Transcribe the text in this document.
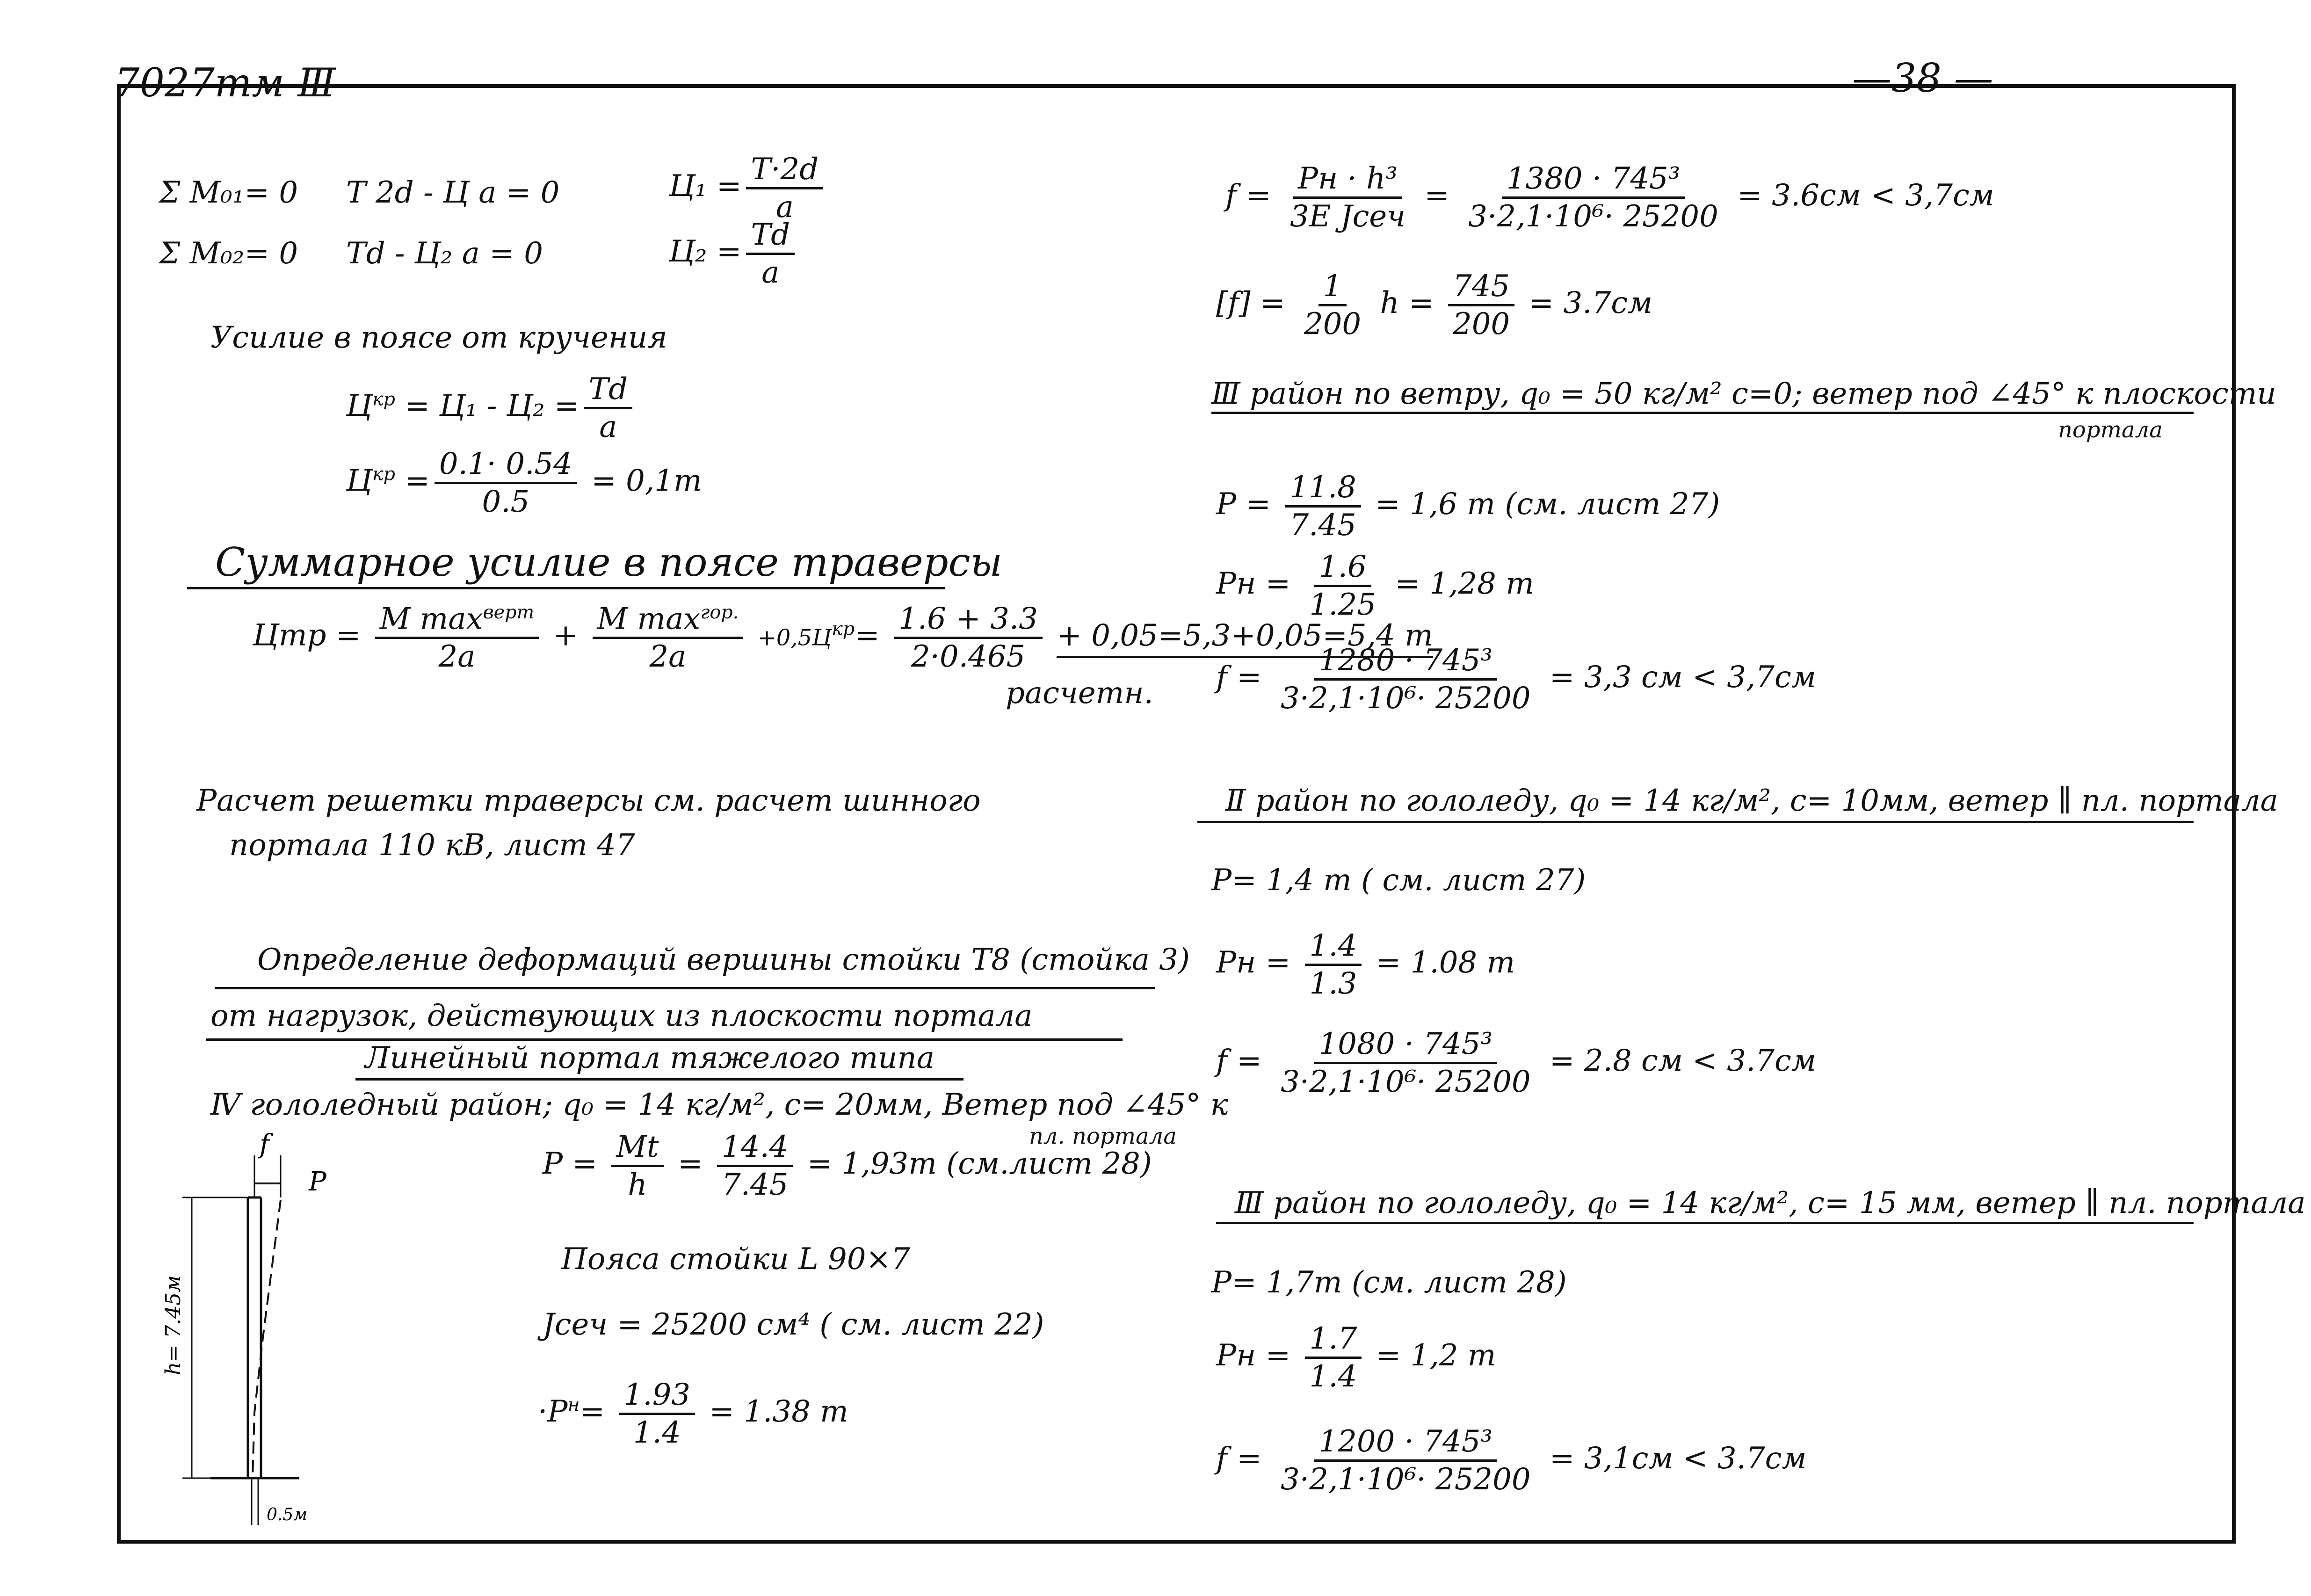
7027тм-Ⅲ	—38 —
Σ M₀₁= 0 T 2d - Ц a = 0	$Ц_1 = \frac{T\cdot 2d}{a}$
Σ M₀₂= 0 Td - Ц₂ a = 0	$Ц_2 = \frac{Td}{a}$
Усилие в поясе от кручения
$Ц^{кр} = Ц_1 - Ц_2 = \frac{Td}{a}$
$Ц^{кр} = \frac{0.1\cdot 0.54}{0.5} = 0,1т$
Суммарное усилие в поясе траверсы
Цтр = $\frac{M \max^{верт}}{2a} + \frac{M \max^{гор.}}{2a} +0,5Ц^{кр}= \frac{1.6 + 3.3}{2\cdot 0.465} + 0,05=5,3+0,05=5,4$ т
расчетн.
Расчет решетки траверсы см. расчет шинного
портала 110 кВ, лист 47
Определение деформаций вершины стойки Т8 (стойка 3)
от нагрузок, действующих из плоскости портала
Линейный портал тяжелого типа
Ⅳ гололедный район; q₀ = 14 кг/м², c= 20мм, Ветер под ∠45° к
пл. портала
$P = \frac{Mt}{h} = \frac{14.4}{7.45} = 1,93т$ (см.лист 28)
Пояса стойки L 90×7
Jсеч = 25200 см⁴ ( см. лист 22)
$\cdot P^н= \frac{1.93}{1.4} = 1.38$ т
f
P
h= 7.45м
0.5м
$f = \frac{\text{Pн · h³}}{\text{3E Jсеч}} = \frac{\text{1380 · 745³}}{\text{3·2,1·10⁶· 25200}} = 3.6см < 3,7см$
$[f] = \frac{1}{200}$ $h = \frac{745}{200} = 3.7см$
Ⅲ район по ветру, q₀ = 50 кг/м² c=0; ветер под ∠45° к плоскости
портала
$P = \frac{11.8}{7.45} = 1,6$ т (см. лист 27)
Pн = $\frac{1.6}{1.25} = 1,28$ т
$f = \frac{\text{1280 · 745³}}{\text{3·2,1·10⁶· 25200}} = 3,3$ см < 3,7см
Ⅱ район по гололеду, q₀ = 14 кг/м², c= 10мм, ветер ∥ пл. портала
P= 1,4 т ( см. лист 27)
Pн = $\frac{1.4}{1.3} = 1.08$ т
$f = \frac{\text{1080 · 745³}}{\text{3·2,1·10⁶· 25200}} = 2.8$ см < 3.7см
Ⅲ район по гололеду, q₀ = 14 кг/м², c= 15 мм, ветер ∥ пл. портала
P= 1,7т (см. лист 28)
Pн = $\frac{1.7}{1.4} = 1,2$ т
$f = \frac{\text{1200 · 745³}}{\text{3·2,1·10⁶· 25200}} = 3,1см < 3.7см$
